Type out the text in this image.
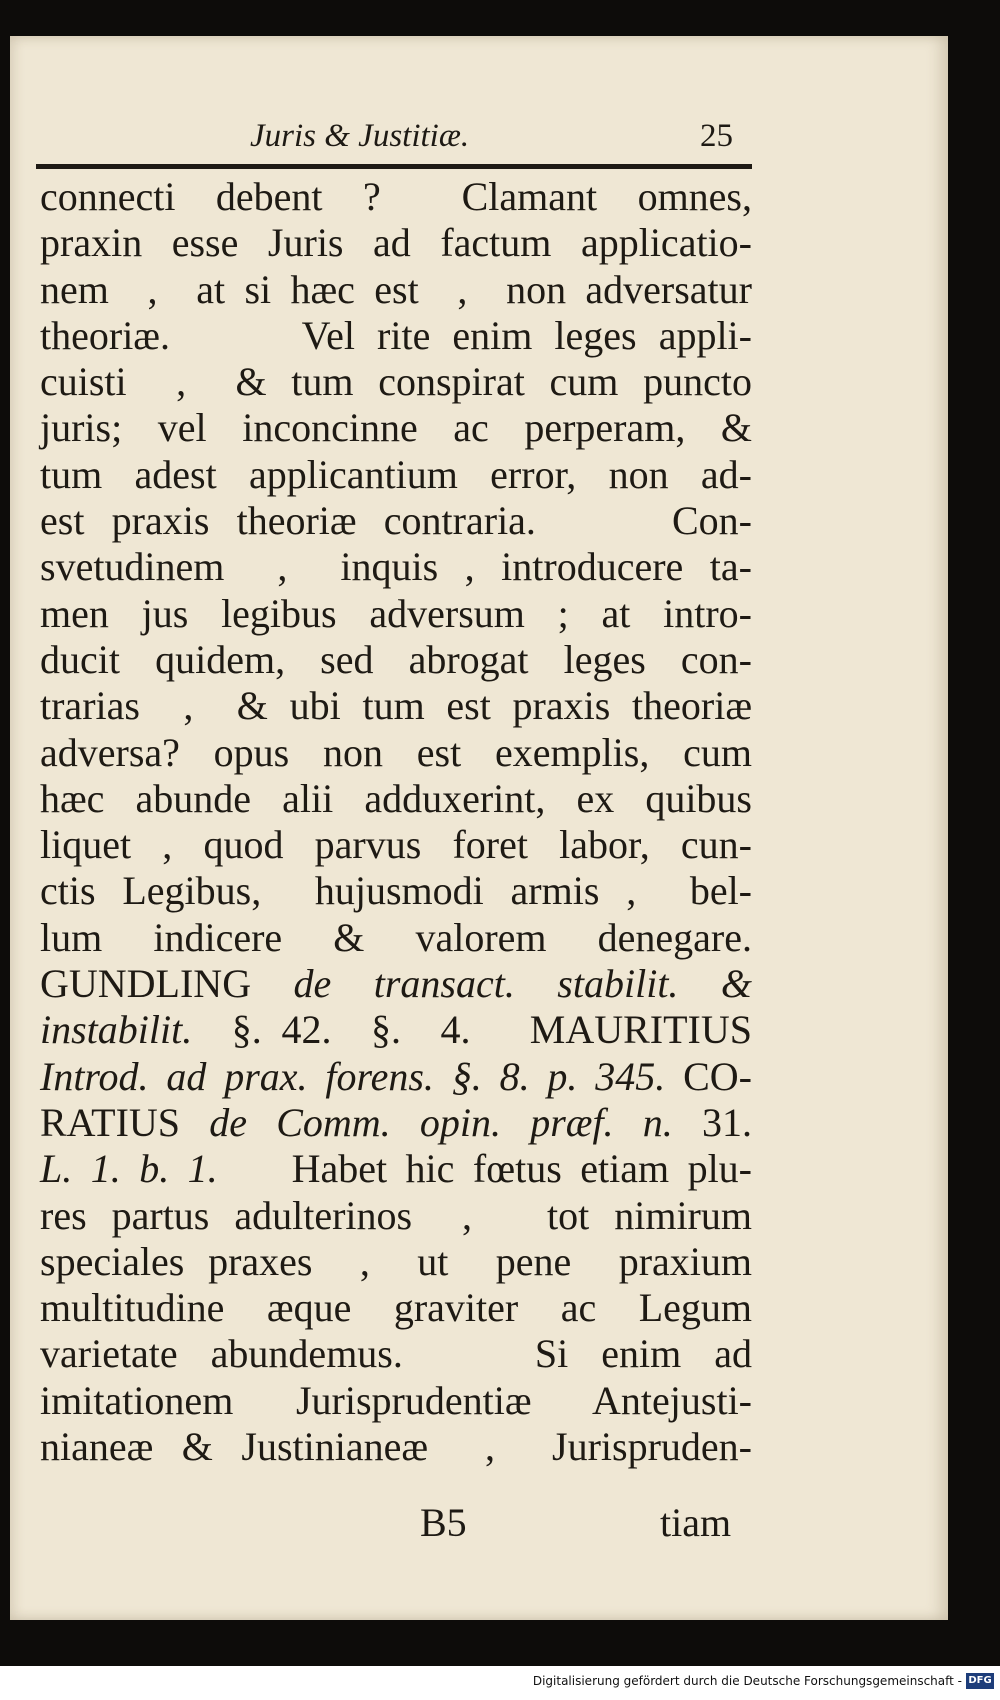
Juris & Justitiæ.	25
connecti debent ?  Clamant omnes,
praxin esse Juris ad factum applicatio-
nem  ,  at si hæc est  ,  non adversatur
theoriæ.      Vel rite enim leges appli-
cuisti  ,  & tum conspirat cum puncto
juris; vel inconcinne ac perperam, &
tum adest applicantium error, non ad-
est praxis theoriæ contraria.     Con-
svetudinem  ,  inquis , introducere ta-
men jus legibus adversum ; at intro-
ducit quidem, sed abrogat leges con-
trarias  ,  & ubi tum est praxis theoriæ
adversa? opus non est exemplis, cum
hæc abunde alii adduxerint, ex quibus
liquet , quod parvus foret labor, cun-
ctis Legibus,  hujusmodi armis ,  bel-
lum  indicere  &  valorem  denegare.
GUNDLING de transact. stabilit. &
instabilit.  §. 42.  §.  4.   MAURITIUS
Introd. ad prax. forens. §. 8. p. 345. CO-
RATIUS de Comm. opin. præf. n. 31.
L. 1. b. 1.    Habet hic fœtus etiam plu-
res partus adulterinos  ,   tot nimirum
speciales praxes  ,  ut  pene  praxium
multitudine æque graviter ac Legum
varietate abundemus.    Si enim ad
imitationem Jurisprudentiæ Antejusti-
nianeæ & Justinianeæ  ,  Jurispruden-
B5	tiam
Digitalisierung gefördert durch die Deutsche Forschungsgemeinschaft - DFG
